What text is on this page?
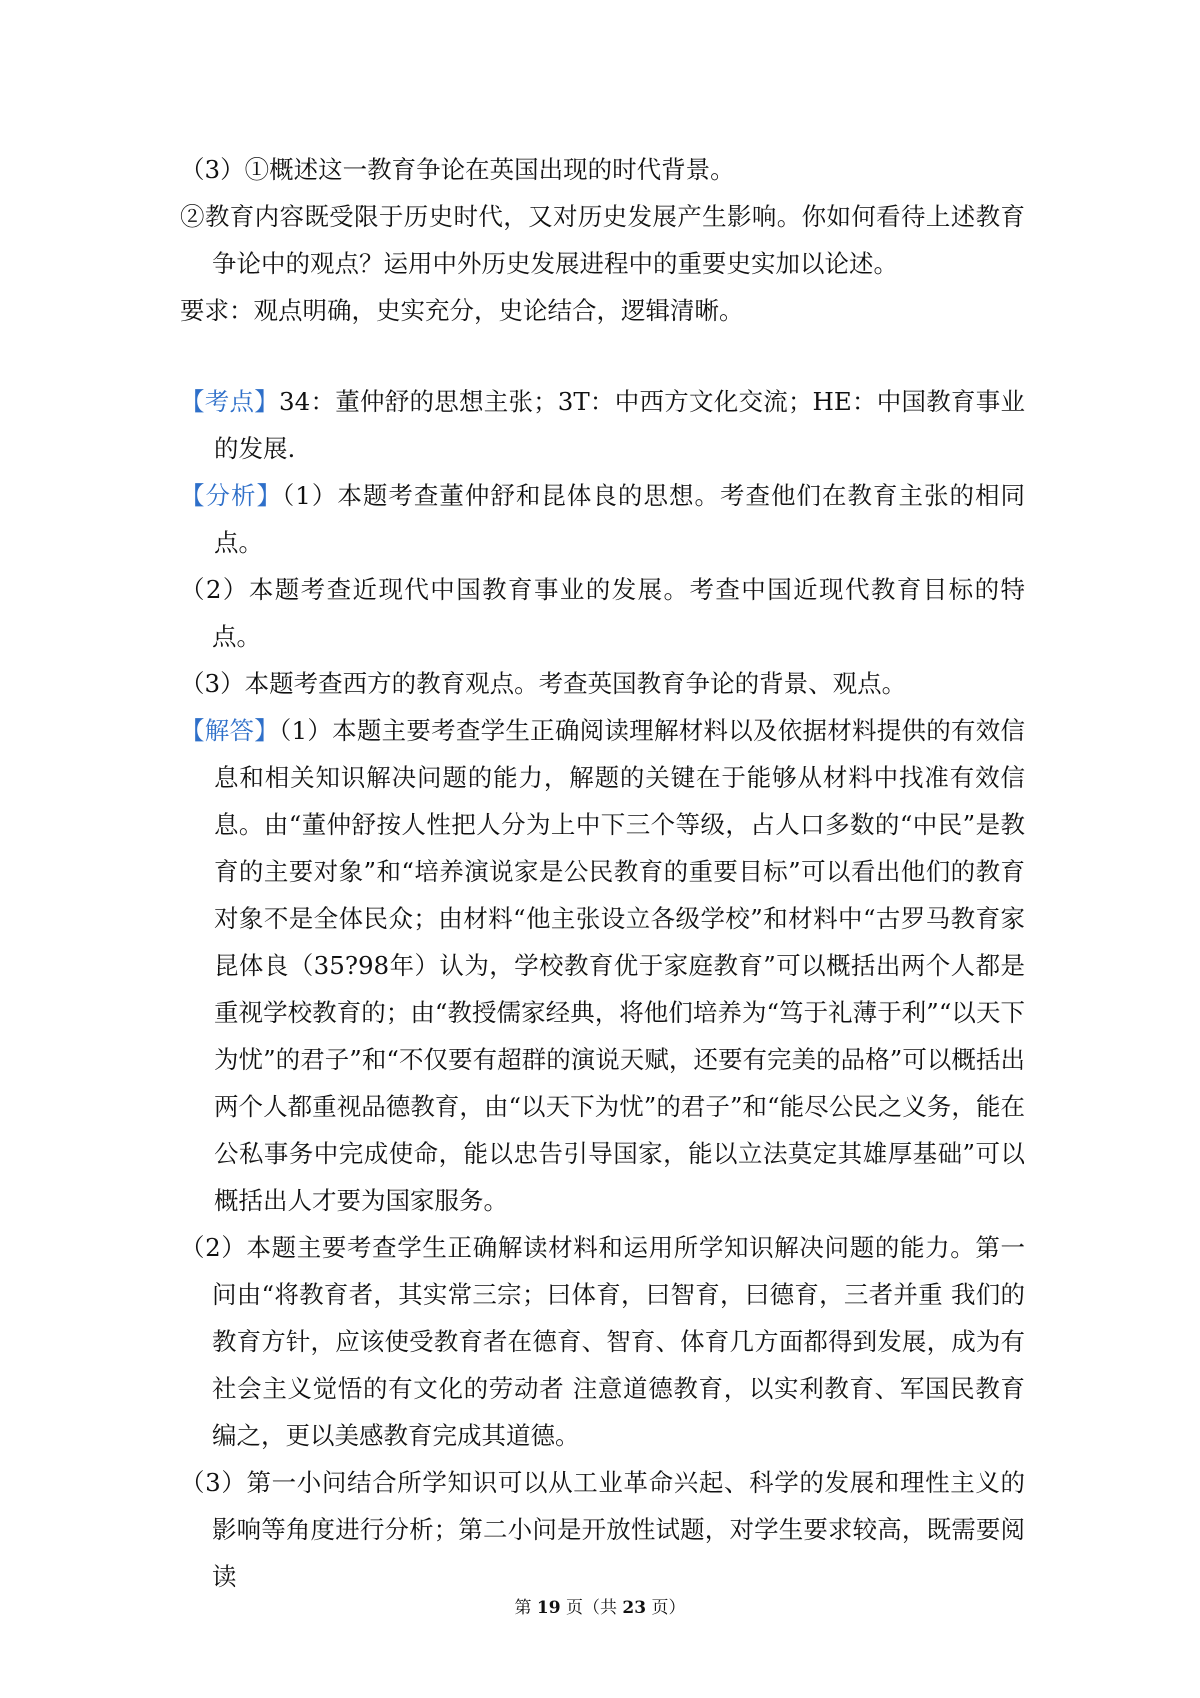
（3）①概述这一教育争论在英国出现的时代背景。

②教育内容既受限于历史时代，又对历史发展产生影响。你如何看待上述教育争论中的观点？运用中外历史发展进程中的重要史实加以论述。

要求：观点明确，史实充分，史论结合，逻辑清晰。

【考点】34：董仲舒的思想主张；3T：中西方文化交流；HE：中国教育事业的发展.

【分析】（1）本题考查董仲舒和昆体良的思想。考查他们在教育主张的相同点。

（2）本题考查近现代中国教育事业的发展。考查中国近现代教育目标的特点。

（3）本题考查西方的教育观点。考查英国教育争论的背景、观点。

【解答】（1）本题主要考查学生正确阅读理解材料以及依据材料提供的有效信息和相关知识解决问题的能力，解题的关键在于能够从材料中找准有效信息。由“董仲舒按人性把人分为上中下三个等级，占人口多数的“中民”是教育的主要对象”和“培养演说家是公民教育的重要目标”可以看出他们的教育对象不是全体民众；由材料“他主张设立各级学校”和材料中“古罗马教育家昆体良（35?98年）认为，学校教育优于家庭教育”可以概括出两个人都是重视学校教育的；由“教授儒家经典，将他们培养为“笃于礼薄于利”“以天下为忧”的君子”和“不仅要有超群的演说天赋，还要有完美的品格”可以概括出两个人都重视品德教育，由“以天下为忧”的君子”和“能尽公民之义务，能在公私事务中完成使命，能以忠告引导国家，能以立法莫定其雄厚基础”可以概括出人才要为国家服务。

（2）本题主要考查学生正确解读材料和运用所学知识解决问题的能力。第一问由“将教育者，其实常三宗；曰体育，曰智育，曰德育，三者并重 我们的教育方针，应该使受教育者在德育、智育、体育几方面都得到发展，成为有社会主义觉悟的有文化的劳动者 注意道德教育，以实利教育、军国民教育编之，更以美感教育完成其道德。

（3）第一小问结合所学知识可以从工业革命兴起、科学的发展和理性主义的影响等角度进行分析；第二小问是开放性试题，对学生要求较高，既需要阅读

第 19 页（共 23 页）
